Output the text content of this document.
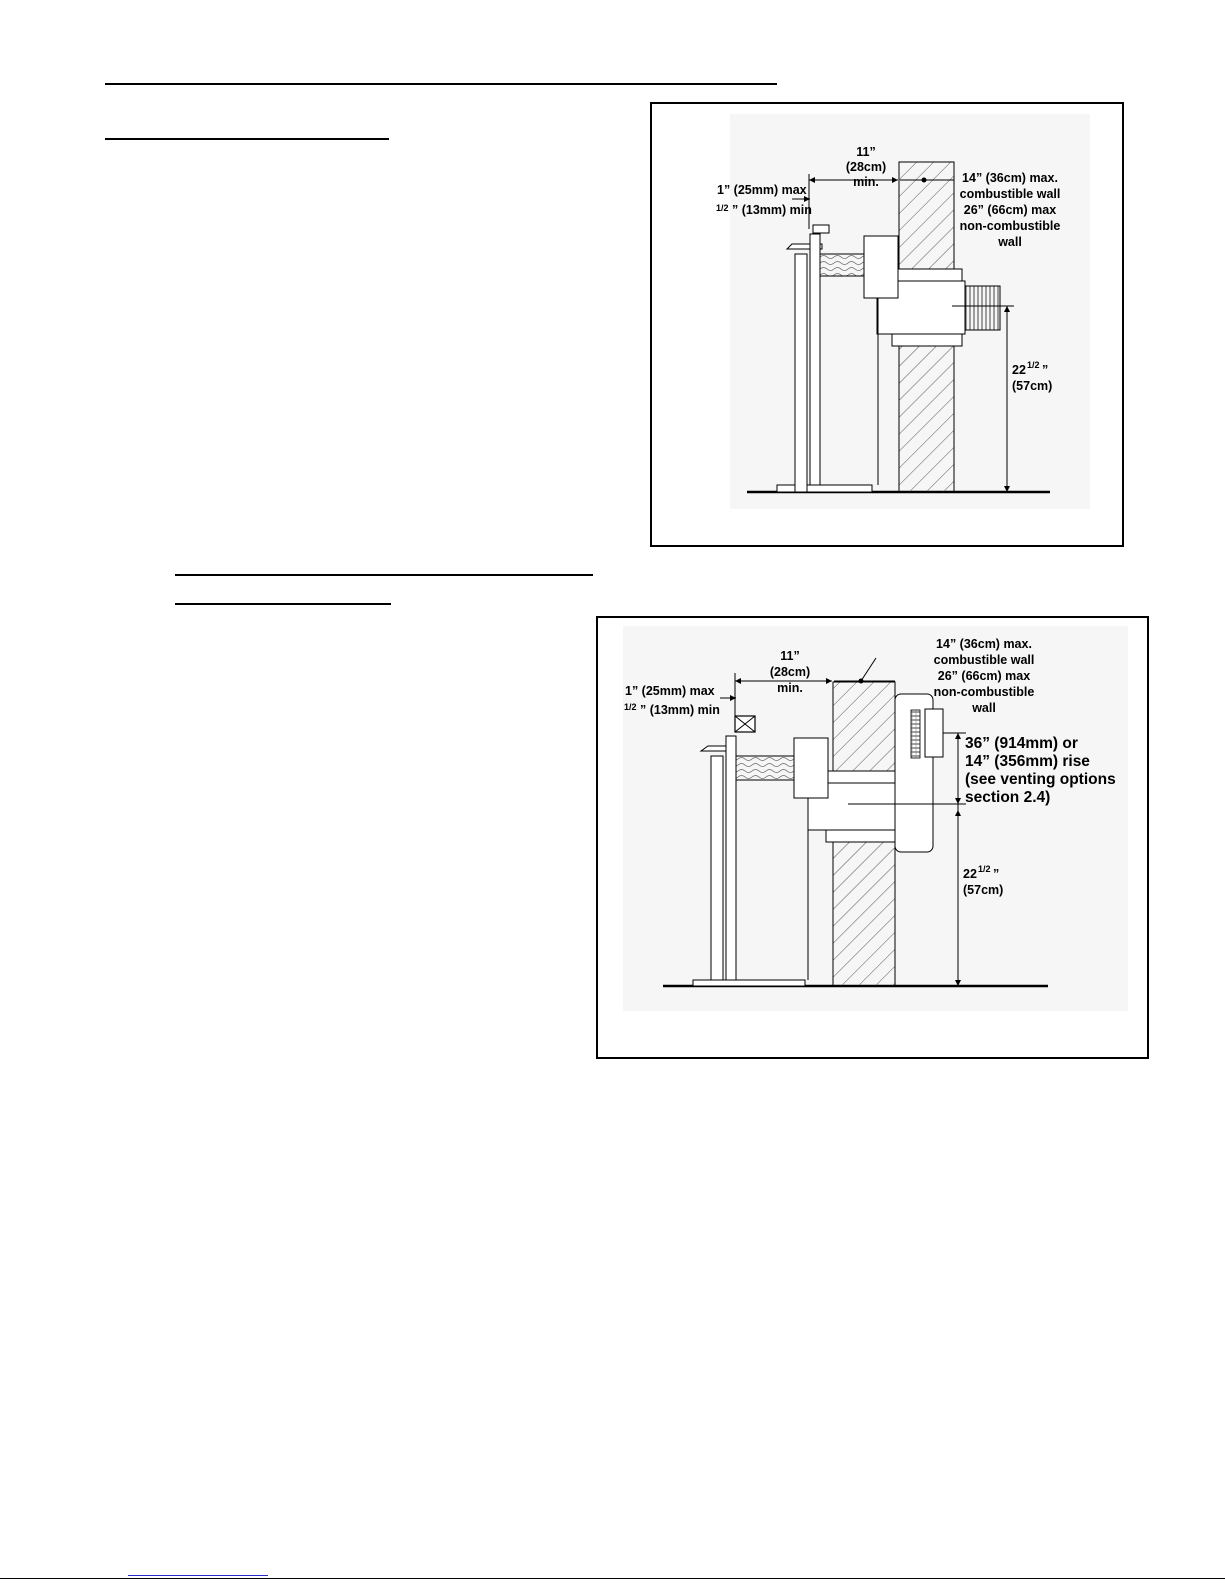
11”
(28cm)
min.
1” (25mm) max
1/2 ” (13mm) min
14” (36cm) max.
combustible wall
26” (66cm) max
non-combustible
wall
22 1/2 ”
(57cm)
11”
(28cm)
min.
1” (25mm) max
1/2 ” (13mm) min
14” (36cm) max.
combustible wall
26” (66cm) max
non-combustible
wall
36” (914mm) or
14” (356mm) rise
(see venting options
section 2.4)
22 1/2 ”
(57cm)
